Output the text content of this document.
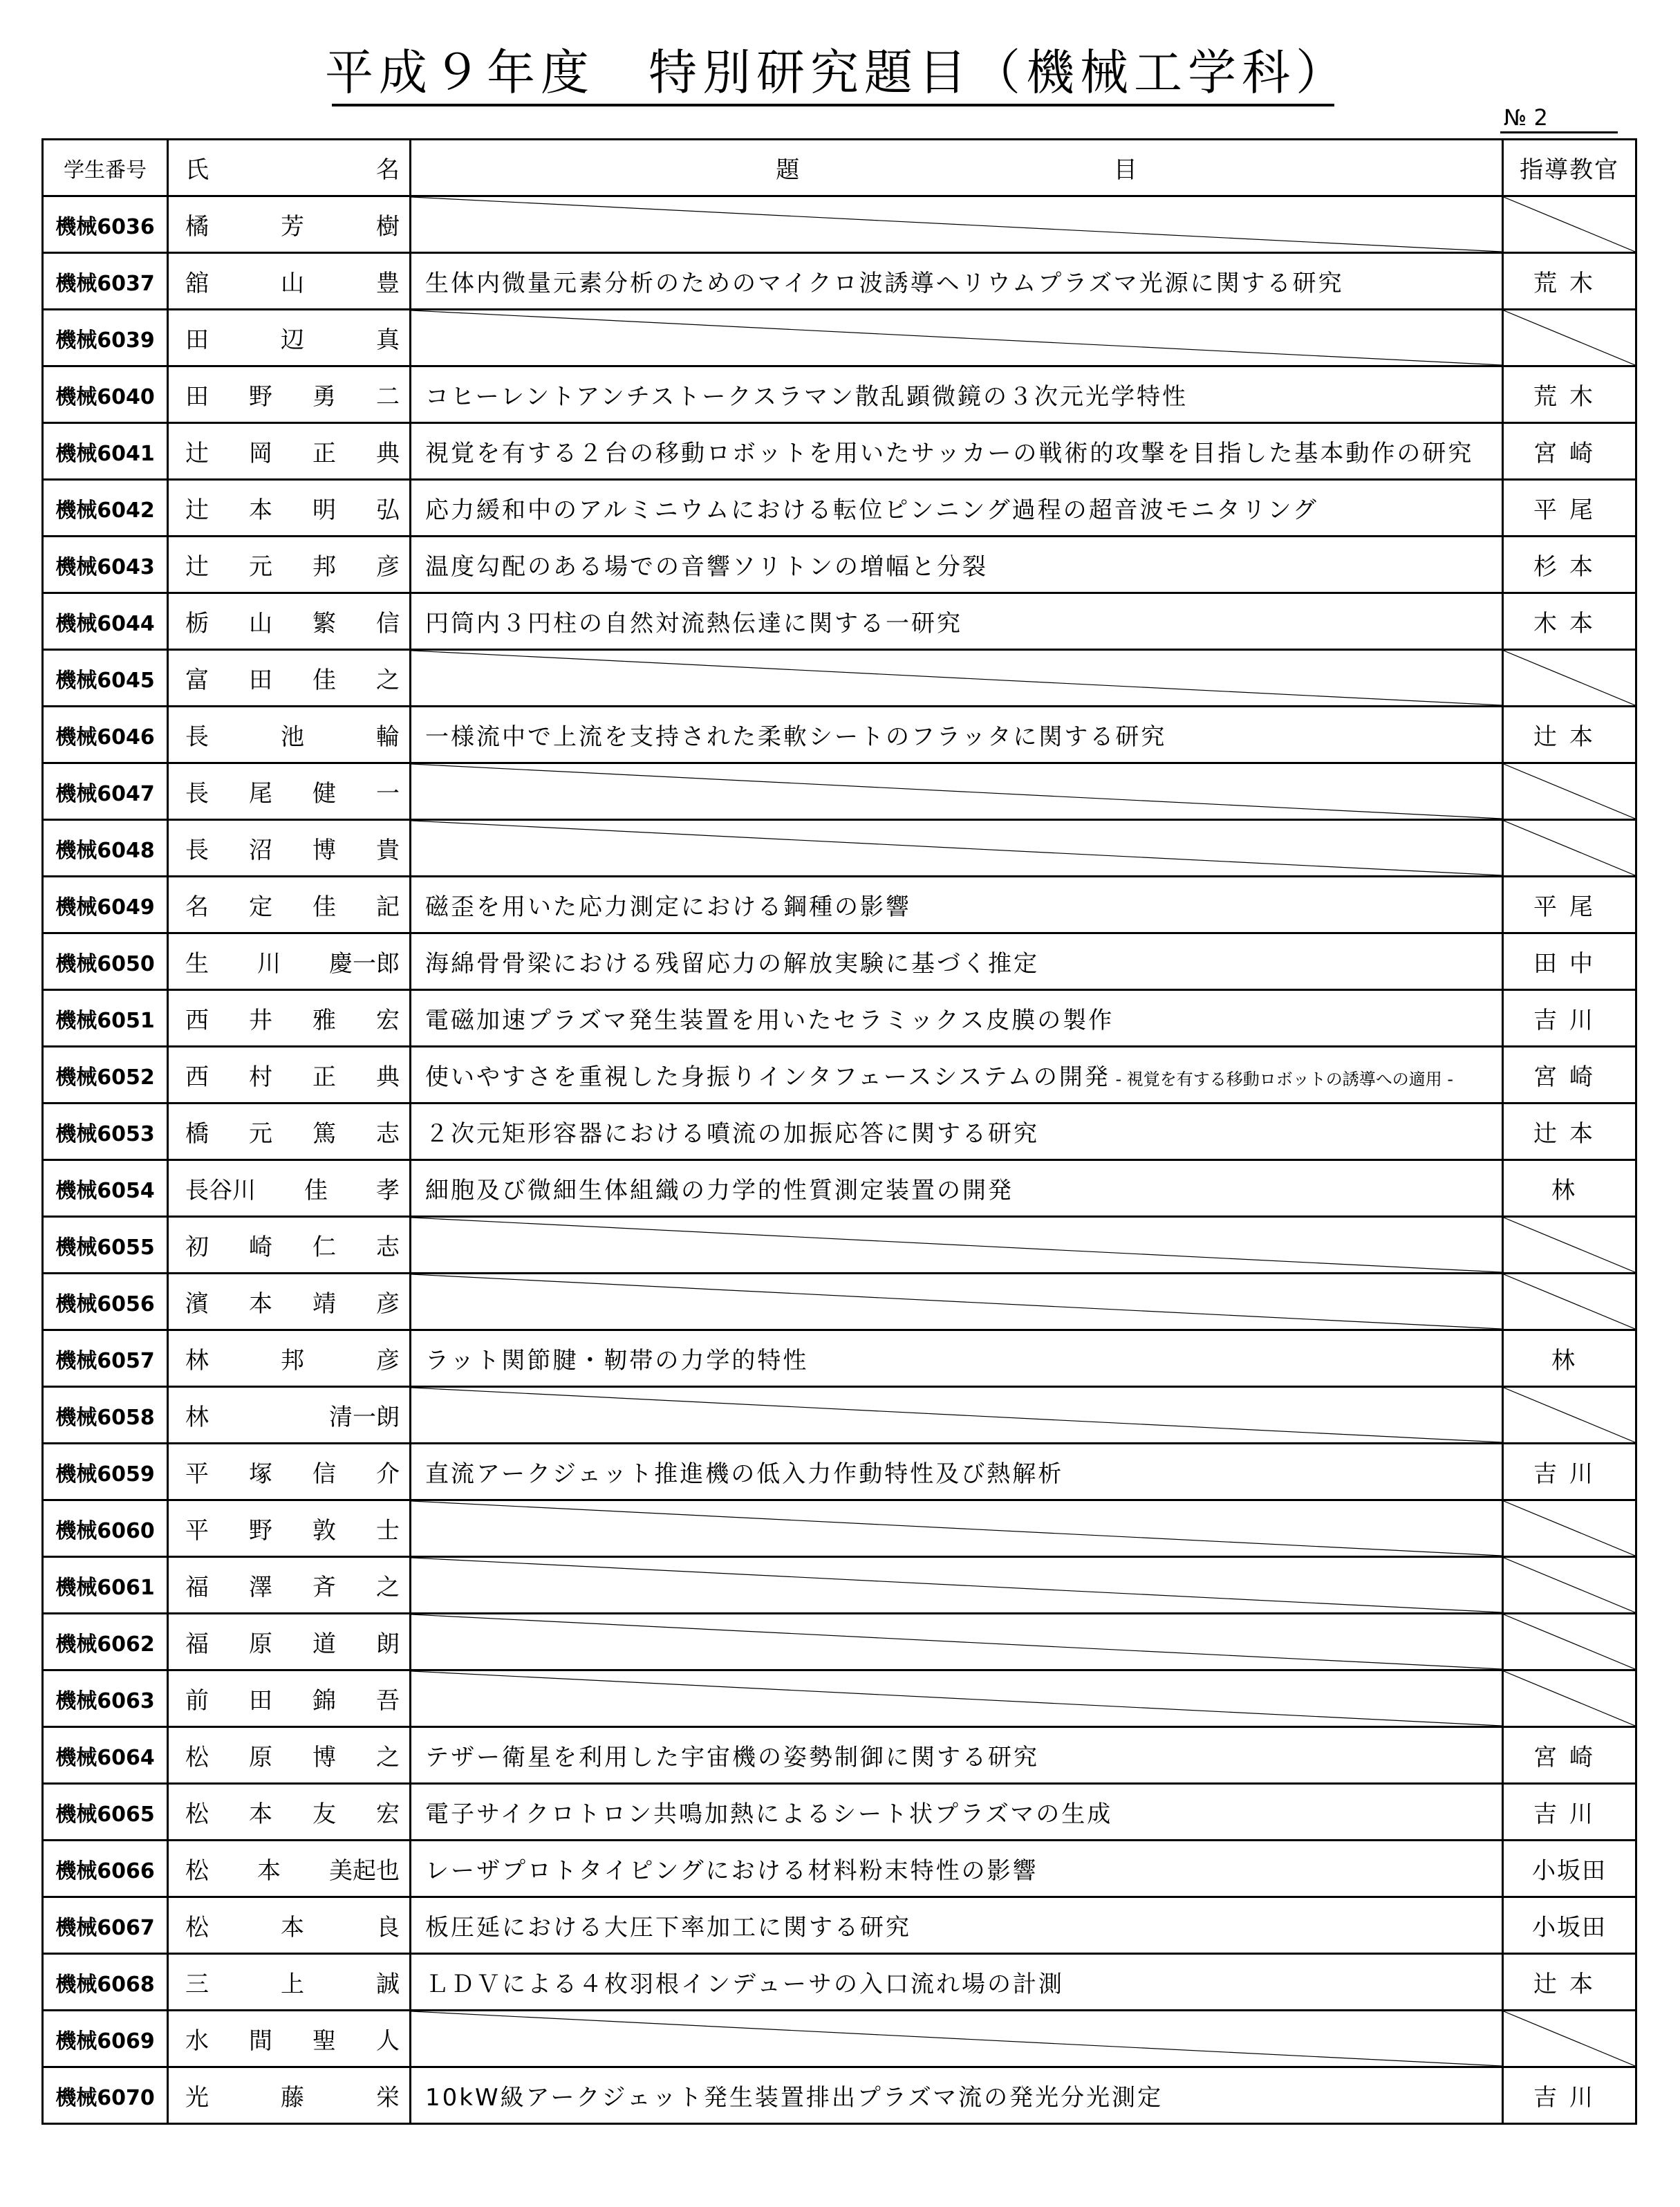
平成９年度　特別研究題目（機械工学科）
№ 2
学生番号	氏 名	題 目	指導教官
機械6036	橘 芳 樹		

機械6037	舘 山 豊	生体内微量元素分析のためのマイクロ波誘導ヘリウムプラズマ光源に関する研究	荒木
機械6039	田 辺 真		

機械6040	田 野 勇 二	コヒーレントアンチストークスラマン散乱顕微鏡の３次元光学特性	荒木
機械6041	辻 岡 正 典	視覚を有する２台の移動ロボットを用いたサッカーの戦術的攻撃を目指した基本動作の研究	宮崎
機械6042	辻 本 明 弘	応力緩和中のアルミニウムにおける転位ピンニング過程の超音波モニタリング	平尾
機械6043	辻 元 邦 彦	温度勾配のある場での音響ソリトンの増幅と分裂	杉本
機械6044	栃 山 繁 信	円筒内３円柱の自然対流熱伝達に関する一研究	木本
機械6045	富 田 佳 之		

機械6046	長 池 輪	一様流中で上流を支持された柔軟シートのフラッタに関する研究	辻本
機械6047	長 尾 健 一		

機械6048	長 沼 博 貴		

機械6049	名 定 佳 記	磁歪を用いた応力測定における鋼種の影響	平尾
機械6050	生 川 慶一郎	海綿骨骨梁における残留応力の解放実験に基づく推定	田中
機械6051	西 井 雅 宏	電磁加速プラズマ発生装置を用いたセラミックス皮膜の製作	吉川
機械6052	西 村 正 典	使いやすさを重視した身振りインタフェースシステムの開発 - 視覚を有する移動ロボットの誘導への適用 -	宮崎
機械6053	橋 元 篤 志	２次元矩形容器における噴流の加振応答に関する研究	辻本
機械6054	長谷川 佳 孝	細胞及び微細生体組織の力学的性質測定装置の開発	林
機械6055	初 崎 仁 志		

機械6056	濱 本 靖 彦		

機械6057	林 邦 彦	ラット関節腱・靭帯の力学的特性	林
機械6058	林 清一朗		

機械6059	平 塚 信 介	直流アークジェット推進機の低入力作動特性及び熱解析	吉川
機械6060	平 野 敦 士		

機械6061	福 澤 斉 之		

機械6062	福 原 道 朗		

機械6063	前 田 錦 吾		

機械6064	松 原 博 之	テザー衛星を利用した宇宙機の姿勢制御に関する研究	宮崎
機械6065	松 本 友 宏	電子サイクロトロン共鳴加熱によるシート状プラズマの生成	吉川
機械6066	松 本 美起也	レーザプロトタイピングにおける材料粉末特性の影響	小坂田
機械6067	松 本 良	板圧延における大圧下率加工に関する研究	小坂田
機械6068	三 上 誠	ＬＤＶによる４枚羽根インデューサの入口流れ場の計測	辻本
機械6069	水 間 聖 人		

機械6070	光 藤 栄	10kW級アークジェット発生装置排出プラズマ流の発光分光測定	吉川
